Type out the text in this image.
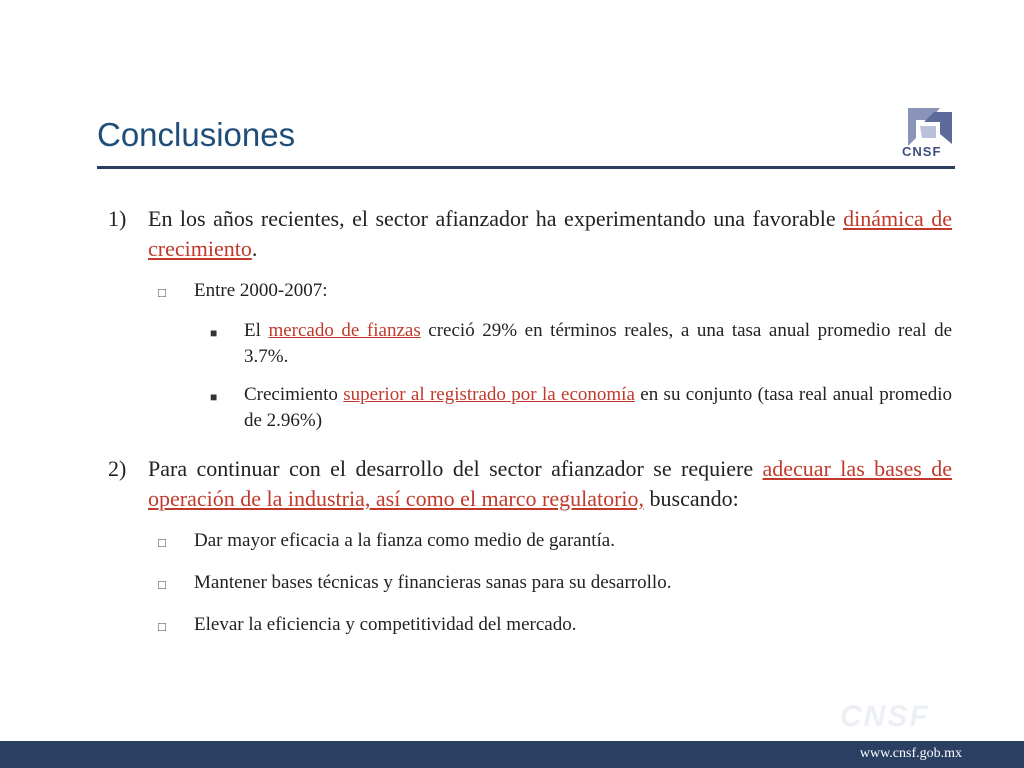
Conclusiones	CNSF
1) En los años recientes, el sector afianzador ha experimentando una favorable dinámica de crecimiento.
□	Entre 2000-2007:
■	El mercado de fianzas creció 29% en términos reales, a una tasa anual promedio real de 3.7%.
■	Crecimiento superior al registrado por la economía en su conjunto (tasa real anual promedio de 2.96%)
2) Para continuar con el desarrollo del sector afianzador se requiere adecuar las bases de operación de la industria, así como el marco regulatorio, buscando:
□	Dar mayor eficacia a la fianza como medio de garantía.
□	Mantener bases técnicas y financieras sanas para su desarrollo.
□	Elevar la eficiencia y competitividad del mercado.
CNSF
www.cnsf.gob.mx
